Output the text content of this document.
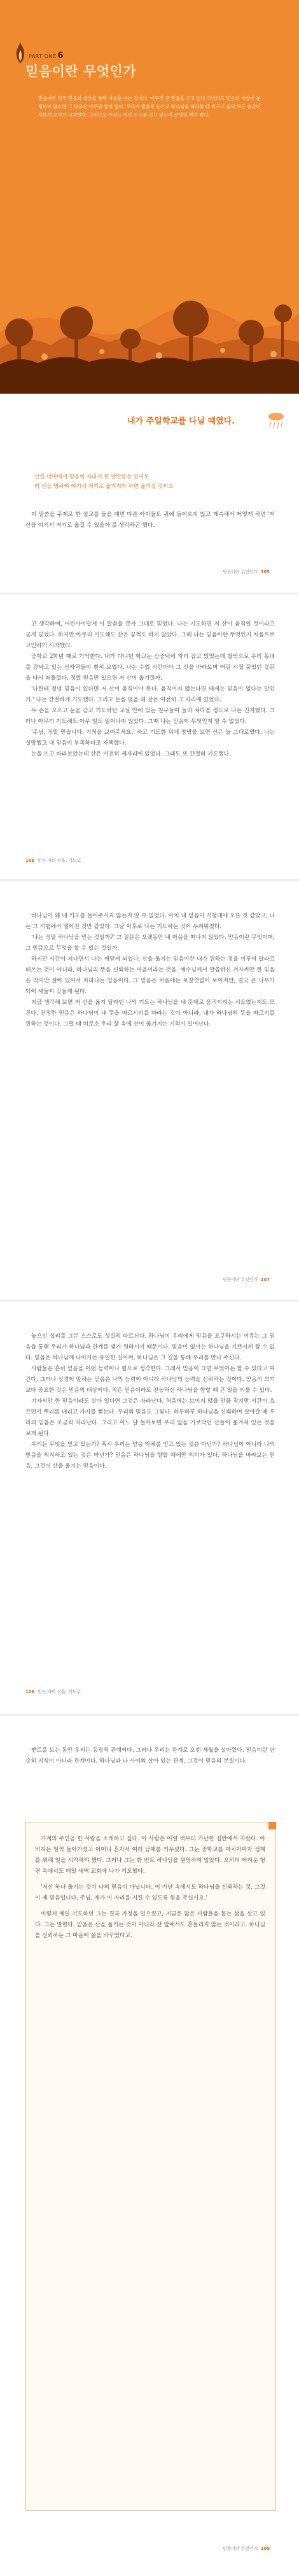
PART ONE 6
믿음이란 무엇인가
믿음이란 결국 믿음의 대상을 향해 마음을 여는 것이다. 아무리 큰 믿음을 갖고 있다 하더라도 믿음의 대상이 분명하지 않다면 그 믿음은 아무런 힘이 없다. 우리가 믿음의 눈으로 하나님을 바라볼 때 비로소 삶의 모든 순간이 새롭게 보이기 시작한다. 그러므로 우리는 먼저 누구를 믿고 있는지 분명히 해야 한다.
내가 주일학교를 다닐 때였다.
산길 너머에서 믿음이 자라서 한 알만큼은 있어도
이 산을 명하여 여기서 저기로 옮겨지라 하면 옮겨질 것이요

이 말씀을 주제로 한 설교를 들을 때면 다른 아이들도 귀에 들어오지 않고 계속해서 어떻게 하면 '저 산을 여기서 저기로 옮길 수 있을까'를 생각하곤 했다.

믿음이란 무엇인가 105

고 생각하며, 어린아이답게 이 말씀을 문자 그대로 믿었다. 나는 기도하면 저 산이 움직일 것이라고 굳게 믿었다. 하지만 아무리 기도해도 산은 꿈쩍도 하지 않았다. 그때 나는 믿음이란 무엇인지 처음으로 고민하기 시작했다.

중학교 2학년 때로 기억한다. 내가 다니던 학교는 산중턱에 자리 잡고 있었는데 창밖으로 우리 동네를 감싸고 있는 산자락들이 훤히 보였다. 나는 수업 시간마다 그 산을 바라보며 어린 시절 품었던 질문을 다시 떠올렸다. 정말 믿음만 있으면 저 산이 옮겨질까.

'나한테 정녕 믿음이 있다면 저 산이 움직여야 한다. 움직이지 않는다면 내게는 믿음이 없다는 말인가.' 나는 간절하게 기도했다. 그리고 눈을 떴을 때 산은 여전히 그 자리에 있었다.

두 손을 모으고 눈을 감고 기도하던 교실 안에 있는 친구들이 놀라 쳐다볼 정도로 나는 진지했다. 그러나 아무리 기도해도 아무 일도 일어나지 않았다. 그때 나는 믿음이 무엇인지 알 수 없었다.

'주님, 정말 믿습니다. 기적을 보여주세요.' 하고 기도한 뒤에 창밖을 보면 산은 늘 그대로였다. 나는 실망했고 내 믿음이 부족하다고 자책했다.

눈을 뜨고 바라보았는데 산은 여전히 제자리에 있었다. 그래도 또 간절히 기도했다.

106 믿는 자의 산을, 기도로

하나님이 왜 내 기도를 들어주시지 않는지 알 수 없었다. 마치 내 믿음이 시험대에 오른 것 같았고, 나는 그 시험에서 떨어진 것만 같았다. 그날 이후로 나는 기도하는 것이 두려워졌다.

'나는 정말 하나님을 믿는 것일까?' 그 질문은 오랫동안 내 마음을 떠나지 않았다. 믿음이란 무엇이며, 그 믿음으로 무엇을 할 수 있는 것일까.

하지만 시간이 지나면서 나는 깨닫게 되었다. 산을 옮기는 믿음이란 내가 원하는 것을 이루어 달라고 떼쓰는 것이 아니라, 하나님의 뜻을 신뢰하는 마음이라는 것을. 예수님께서 말씀하신 겨자씨만 한 믿음은 작지만 살아 있어서 자라나는 믿음이다. 그 믿음은 처음에는 보잘것없어 보이지만, 결국 큰 나무가 되어 새들이 깃들게 된다.

지금 생각해 보면 저 산을 옮겨 달라던 나의 기도는 하나님을 내 뜻대로 움직이려는 시도였는지도 모른다. 진정한 믿음은 하나님이 내 뜻을 따르시기를 바라는 것이 아니라, 내가 하나님의 뜻을 따르기를 원하는 것이다. 그럴 때 비로소 우리 삶 속에 산이 옮겨지는 기적이 일어난다.

믿음이란 무엇인가 107

놓으신 섭리를 그분 스스로도 성실히 따르신다. 하나님이 우리에게 믿음을 요구하시는 이유는 그 믿음을 통해 우리가 하나님과 관계를 맺기 원하시기 때문이다. 믿음이 없이는 하나님을 기쁘시게 할 수 없다. 믿음은 하나님께 나아가는 유일한 길이며, 하나님은 그 길을 통해 우리를 만나 주신다.

사람들은 흔히 믿음을 어떤 능력이나 힘으로 생각한다. 그래서 믿음이 크면 무엇이든 할 수 있다고 여긴다. 그러나 성경이 말하는 믿음은 나의 능력이 아니라 하나님의 능력을 신뢰하는 것이다. 믿음의 크기보다 중요한 것은 믿음의 대상이다. 작은 믿음이라도 전능하신 하나님을 향할 때 큰 일을 이룰 수 있다.

겨자씨만 한 믿음이라도 살아 있다면 그것은 자라난다. 처음에는 보이지 않을 만큼 작지만 시간이 흐르면서 뿌리를 내리고 가지를 뻗는다. 우리의 믿음도 그렇다. 하루하루 하나님을 신뢰하며 살아갈 때 우리의 믿음은 조금씩 자라난다. 그리고 어느 날 돌아보면 우리 앞을 가로막던 산들이 옮겨져 있는 것을 보게 된다.

우리는 무엇을 믿고 있는가? 혹시 우리는 믿음 자체를 믿고 있는 것은 아닌가? 하나님이 아니라 나의 믿음을 의지하고 있는 것은 아닌가? 믿음은 하나님을 향할 때에만 의미가 있다. 하나님을 바라보는 믿음, 그것이 산을 옮기는 믿음이다.

106 믿는 자의 산을, 기도로

뺀트를 보는 동안 우리는 동정적 관계이다. 그러나 우리는 관계로 오랜 세월을 살아왔다. 믿음이란 단순히 지식이 아니라 관계이다. 하나님과 나 사이의 살아 있는 관계, 그것이 믿음의 본질이다.

가계의 주인공 한 사람을 소개하고 싶다. 이 사람은 어릴 적부터 가난한 집안에서 자랐다. 아버지는 일찍 돌아가셨고 어머니 혼자서 여러 남매를 키우셨다. 그는 중학교를 마치자마자 생계를 위해 일을 시작해야 했다. 그러나 그는 한 번도 하나님을 원망하지 않았다. 오히려 어려운 형편 속에서도 매일 새벽 교회에 나가 기도했다.

'저산 하나 옮기는 것이 나의 믿음이 아닙니다. 이 가난 속에서도 하나님을 신뢰하는 것, 그것이 제 믿음입니다. 주님, 제가 이 자리를 지킬 수 있도록 힘을 주십시오.'

이렇게 매일 기도하던 그는 결국 가정을 일으켰고, 지금은 많은 사람들을 돕는 삶을 살고 있다. 그는 말한다. 믿음은 산을 옮기는 것이 아니라 산 앞에서도 흔들리지 않는 것이라고. 하나님을 신뢰하는 그 마음이 삶을 바꾸었다고.

믿음이란 무엇인가 109
